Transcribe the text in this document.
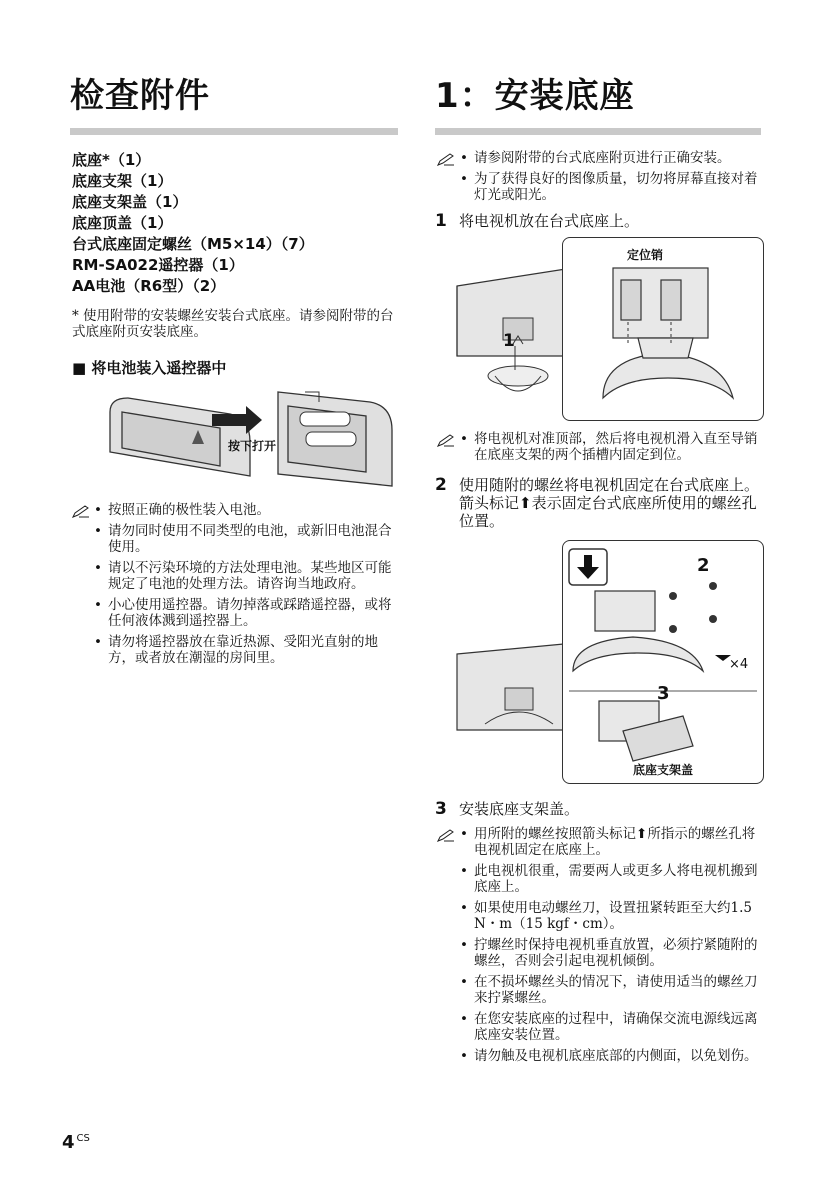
检查附件
底座*（1）
底座支架（1）
底座支架盖（1）
底座顶盖（1）
台式底座固定螺丝（M5×14）（7）
RM-SA022遥控器（1）
AA电池（R6型）（2）
* 使用附带的安装螺丝安装台式底座。请参阅附带的台式底座附页安装底座。
■ 将电池装入遥控器中
按下打开
• 按照正确的极性装入电池。
• 请勿同时使用不同类型的电池，或新旧电池混合使用。
• 请以不污染环境的方法处理电池。某些地区可能规定了电池的处理方法。请咨询当地政府。
• 小心使用遥控器。请勿掉落或踩踏遥控器，或将任何液体溅到遥控器上。
• 请勿将遥控器放在靠近热源、受阳光直射的地方，或者放在潮湿的房间里。
1：安装底座
• 请参阅附带的台式底座附页进行正确安装。
• 为了获得良好的图像质量，切勿将屏幕直接对着灯光或阳光。
1 将电视机放在台式底座上。
1
定位销
• 将电视机对准顶部，然后将电视机滑入直至导销在底座支架的两个插槽内固定到位。
2 使用随附的螺丝将电视机固定在台式底座上。箭头标记⬆表示固定台式底座所使用的螺丝孔位置。
2
×4
3
底座支架盖
3 安装底座支架盖。
• 用所附的螺丝按照箭头标记⬆所指示的螺丝孔将电视机固定在底座上。
• 此电视机很重，需要两人或更多人将电视机搬到底座上。
• 如果使用电动螺丝刀，设置扭紧转距至大约1.5 N・m（15 kgf・cm）。
• 拧螺丝时保持电视机垂直放置，必须拧紧随附的螺丝，否则会引起电视机倾倒。
• 在不损坏螺丝头的情况下，请使用适当的螺丝刀来拧紧螺丝。
• 在您安装底座的过程中，请确保交流电源线远离底座安装位置。
• 请勿触及电视机底座底部的内侧面，以免划伤。
4 $^{CS}$
